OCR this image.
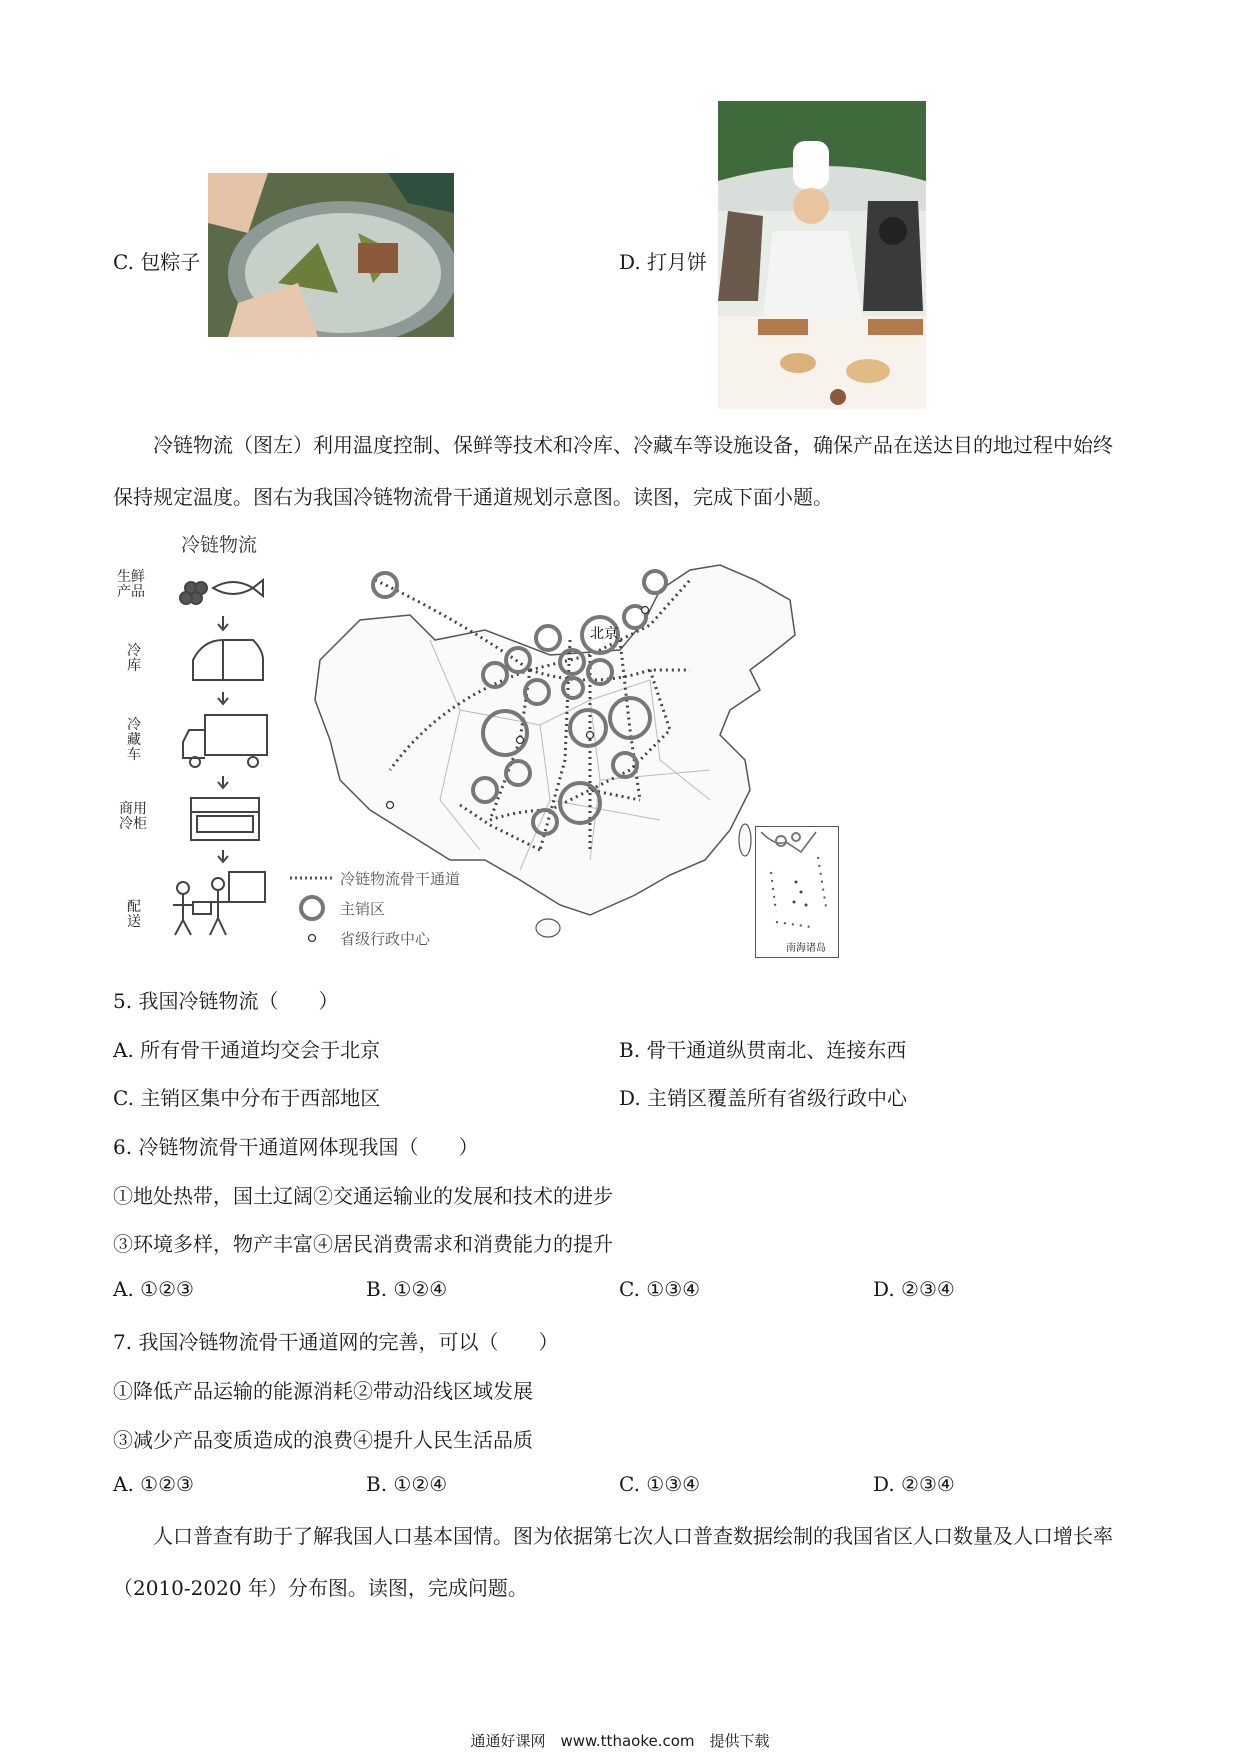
C. 包粽子	D. 打月饼
冷链物流（图左）利用温度控制、保鲜等技术和冷库、冷藏车等设施设备，确保产品在送达目的地过程中始终保持规定温度。图右为我国冷链物流骨干通道规划示意图。读图，完成下面小题。
冷链物流
生鲜产品
冷库
冷藏车
商用冷柜
配送
北京
南海诸岛
冷链物流骨干通道
主销区
省级行政中心
5. 我国冷链物流（　　）
A. 所有骨干通道均交会于北京	B. 骨干通道纵贯南北、连接东西
C. 主销区集中分布于西部地区	D. 主销区覆盖所有省级行政中心
6. 冷链物流骨干通道网体现我国（　　）
①地处热带，国土辽阔②交通运输业的发展和技术的进步
③环境多样，物产丰富④居民消费需求和消费能力的提升
A. ①②③	B. ①②④	C. ①③④	D. ②③④
7. 我国冷链物流骨干通道网的完善，可以（　　）
①降低产品运输的能源消耗②带动沿线区域发展
③减少产品变质造成的浪费④提升人民生活品质
A. ①②③	B. ①②④	C. ①③④	D. ②③④
人口普查有助于了解我国人口基本国情。图为依据第七次人口普查数据绘制的我国省区人口数量及人口增长率（2010-2020 年）分布图。读图，完成问题。
通通好课网　www.tthaoke.com　提供下载
